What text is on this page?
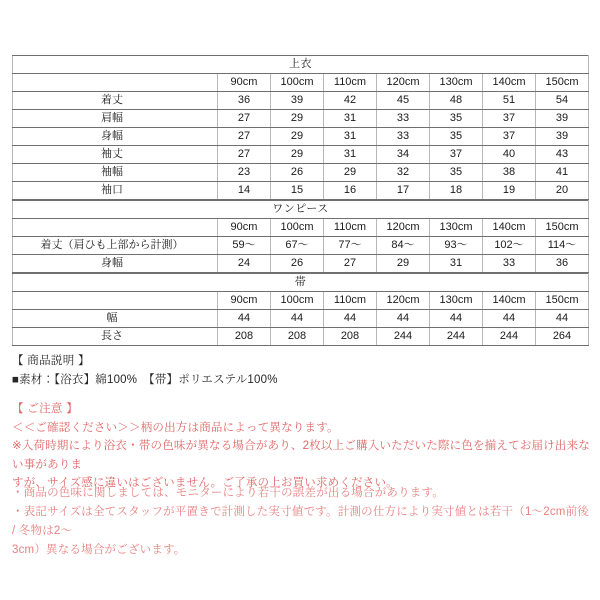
上衣							
	90cm	100cm	110cm	120cm	130cm	140cm	150cm
着丈	36	39	42	45	48	51	54
肩幅	27	29	31	33	35	37	39
身幅	27	29	31	33	35	37	39
袖丈	27	29	31	34	37	40	43
袖幅	23	26	29	32	35	38	41
袖口	14	15	16	17	18	19	20
ワンピース							
	90cm	100cm	110cm	120cm	130cm	140cm	150cm
着丈（肩ひも上部から計測）	59〜	67〜	77〜	84〜	93〜	102〜	114〜
身幅	24	26	27	29	31	33	36
帯							
	90cm	100cm	110cm	120cm	130cm	140cm	150cm
幅	44	44	44	44	44	44	44
長さ	208	208	208	244	244	244	264
【 商品説明 】
■素材：【浴衣】綿100%　【帯】ポリエステル100%
【 ご注意 】
＜＜ご確認ください＞＞柄の出方は商品によって異なります。
※入荷時期により浴衣・帯の色味が異なる場合があり、2枚以上ご購入いただいた際に色を揃えてお届け出来ない事がありま
すが、サイズ感に違いはございません。ご了承の上お買い求めください。
・商品の色味に関しましては、モニターにより若干の誤差が出る場合があります。
・表記サイズは全てスタッフが平置きで計測した実寸値です。計測の仕方により実寸値とは若干（1〜2cm前後 / 冬物は2〜
3cm）異なる場合がございます。
